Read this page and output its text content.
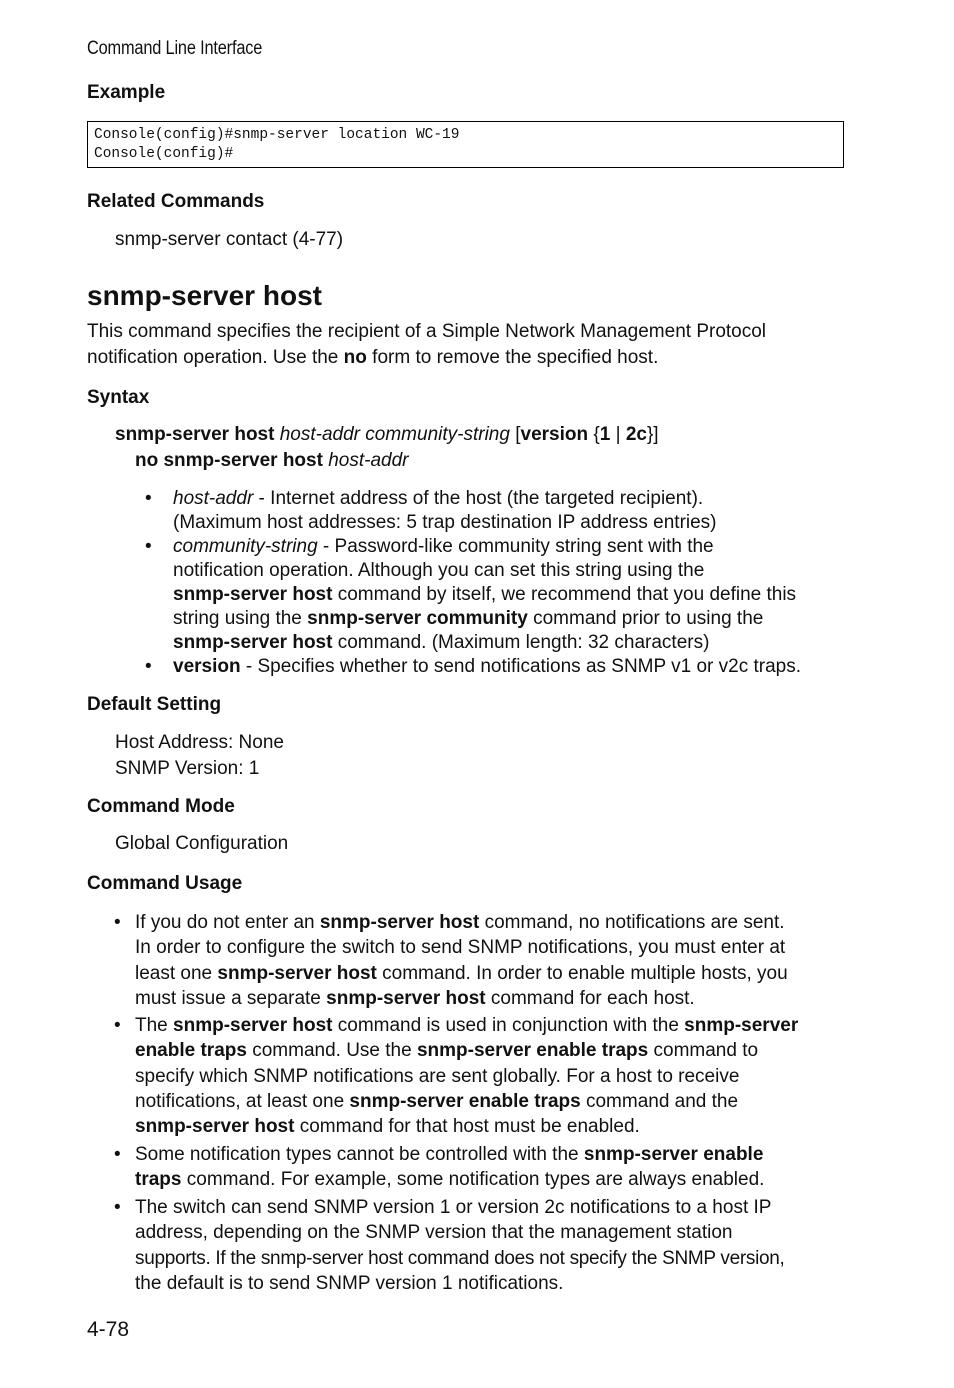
Command Line Interface
Example
Console(config)#snmp-server location WC-19
Console(config)#
Related Commands
snmp-server contact (4-77)
snmp-server host
This command specifies the recipient of a Simple Network Management Protocol
notification operation. Use the no form to remove the specified host.
Syntax
snmp-server host host-addr community-string [version {1 | 2c}]
no snmp-server host host-addr
• host-addr - Internet address of the host (the targeted recipient).
(Maximum host addresses: 5 trap destination IP address entries)
• community-string - Password-like community string sent with the
notification operation. Although you can set this string using the
snmp-server host command by itself, we recommend that you define this
string using the snmp-server community command prior to using the
snmp-server host command. (Maximum length: 32 characters)
• version - Specifies whether to send notifications as SNMP v1 or v2c traps.
Default Setting
Host Address: None
SNMP Version: 1
Command Mode
Global Configuration
Command Usage
• If you do not enter an snmp-server host command, no notifications are sent.
In order to configure the switch to send SNMP notifications, you must enter at
least one snmp-server host command. In order to enable multiple hosts, you
must issue a separate snmp-server host command for each host.
• The snmp-server host command is used in conjunction with the snmp-server
enable traps command. Use the snmp-server enable traps command to
specify which SNMP notifications are sent globally. For a host to receive
notifications, at least one snmp-server enable traps command and the
snmp-server host command for that host must be enabled.
• Some notification types cannot be controlled with the snmp-server enable
traps command. For example, some notification types are always enabled.
• The switch can send SNMP version 1 or version 2c notifications to a host IP
address, depending on the SNMP version that the management station
supports. If the snmp-server host command does not specify the SNMP version,
the default is to send SNMP version 1 notifications.
4-78
